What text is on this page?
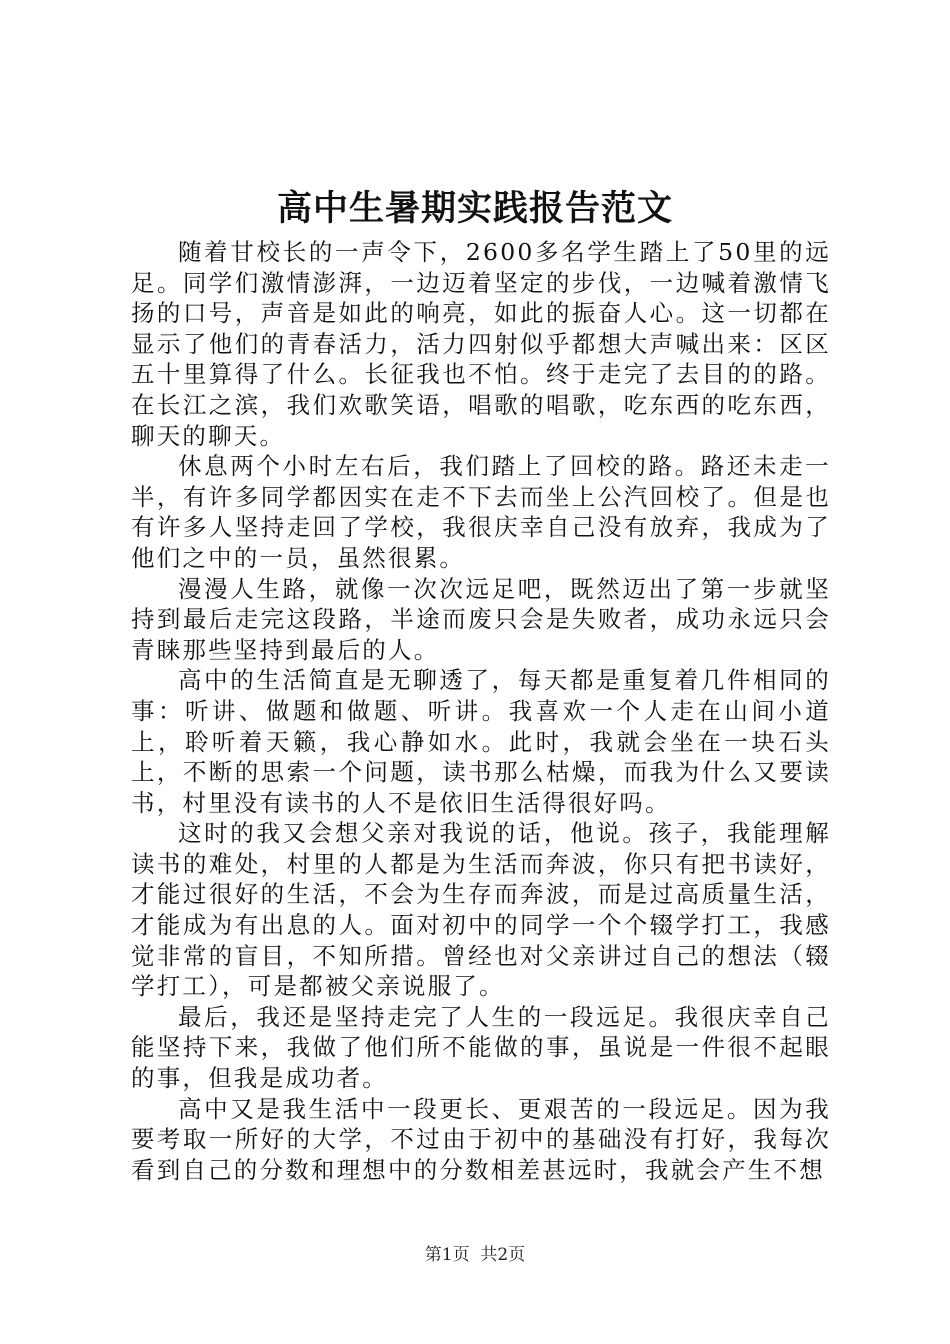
高中生暑期实践报告范文

随着甘校长的一声令下，2600多名学生踏上了50里的远足。同学们激情澎湃，一边迈着坚定的步伐，一边喊着激情飞扬的口号，声音是如此的响亮，如此的振奋人心。这一切都在显示了他们的青春活力，活力四射似乎都想大声喊出来：区区五十里算得了什么。长征我也不怕。终于走完了去目的的路。在长江之滨，我们欢歌笑语，唱歌的唱歌，吃东西的吃东西，聊天的聊天。

休息两个小时左右后，我们踏上了回校的路。路还未走一半，有许多同学都因实在走不下去而坐上公汽回校了。但是也有许多人坚持走回了学校，我很庆幸自己没有放弃，我成为了他们之中的一员，虽然很累。

漫漫人生路，就像一次次远足吧，既然迈出了第一步就坚持到最后走完这段路，半途而废只会是失败者，成功永远只会青睐那些坚持到最后的人。

高中的生活简直是无聊透了，每天都是重复着几件相同的事：听讲、做题和做题、听讲。我喜欢一个人走在山间小道上，聆听着天籁，我心静如水。此时，我就会坐在一块石头上，不断的思索一个问题，读书那么枯燥，而我为什么又要读书，村里没有读书的人不是依旧生活得很好吗。

这时的我又会想父亲对我说的话，他说。孩子，我能理解读书的难处，村里的人都是为生活而奔波，你只有把书读好，才能过很好的生活，不会为生存而奔波，而是过高质量生活，才能成为有出息的人。面对初中的同学一个个辍学打工，我感觉非常的盲目，不知所措。曾经也对父亲讲过自己的想法（辍学打工），可是都被父亲说服了。

最后，我还是坚持走完了人生的一段远足。我很庆幸自己能坚持下来，我做了他们所不能做的事，虽说是一件很不起眼的事，但我是成功者。

高中又是我生活中一段更长、更艰苦的一段远足。因为我要考取一所好的大学，不过由于初中的基础没有打好，我每次看到自己的分数和理想中的分数相差甚远时，我就会产生不想

第1页  共2页
